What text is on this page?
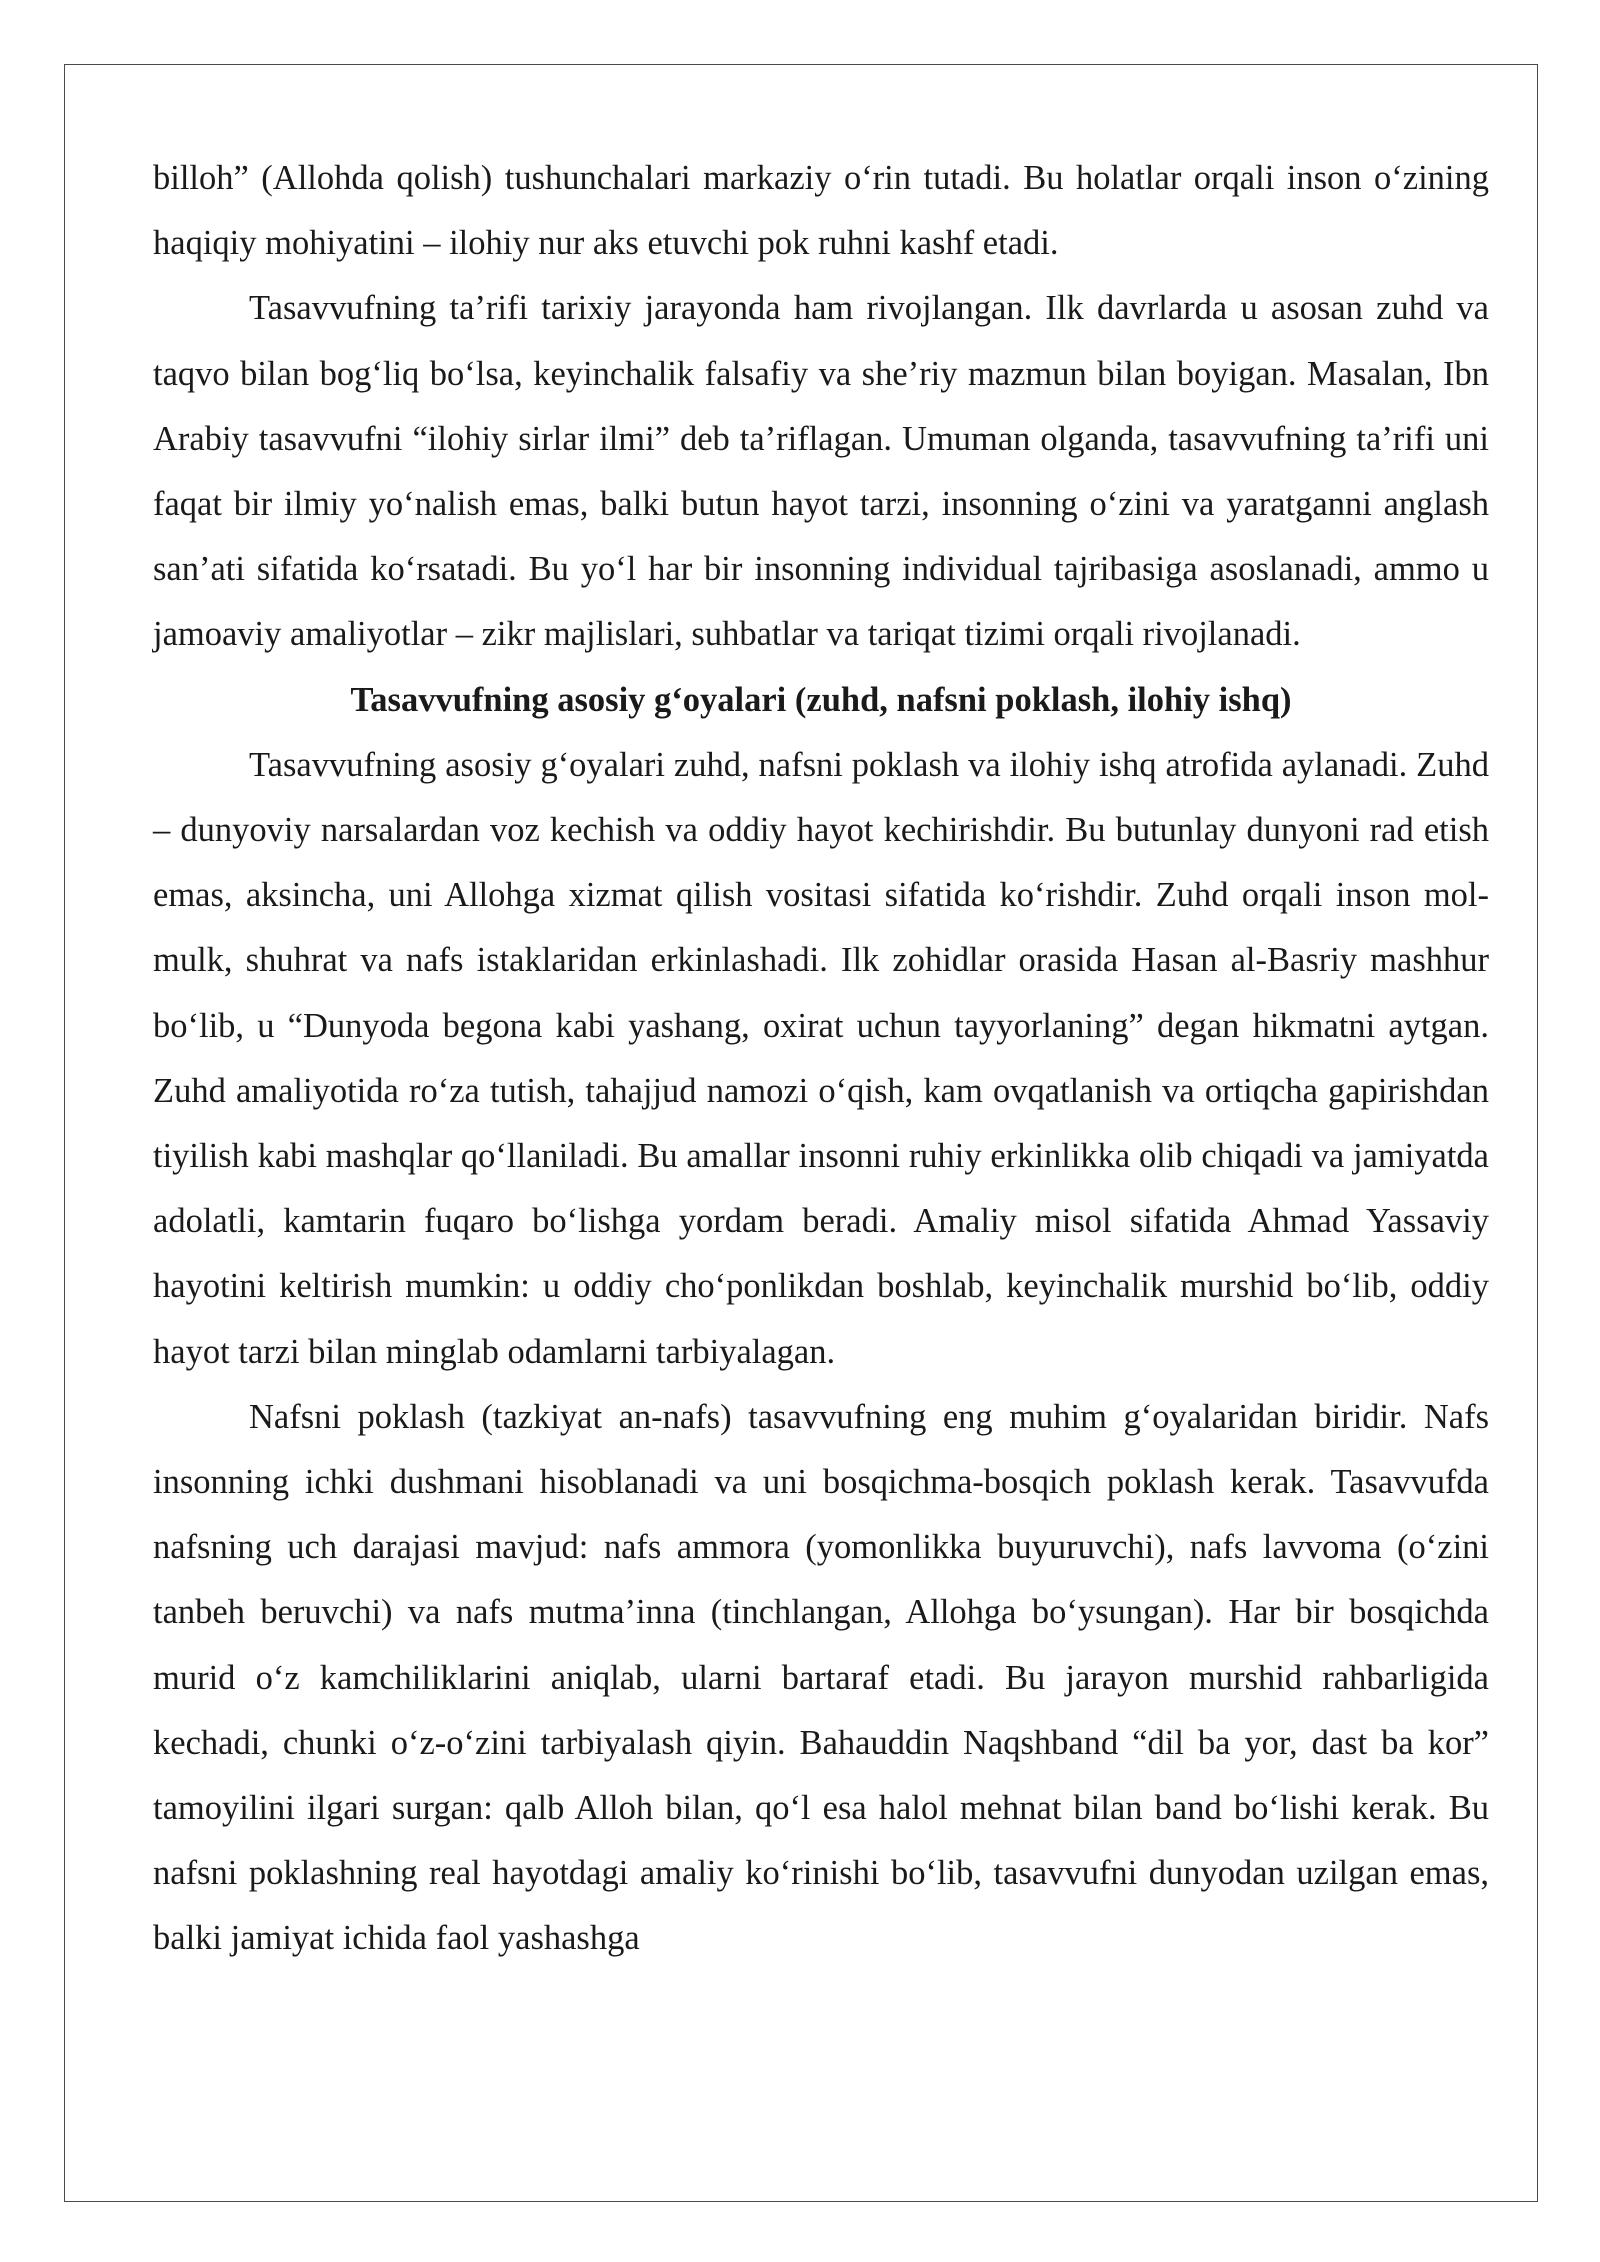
billoh” (Allohda qolish) tushunchalari markaziy o‘rin tutadi. Bu holatlar orqali inson o‘zining haqiqiy mohiyatini – ilohiy nur aks etuvchi pok ruhni kashf etadi.

Tasavvufning ta’rifi tarixiy jarayonda ham rivojlangan. Ilk davrlarda u asosan zuhd va taqvo bilan bog‘liq bo‘lsa, keyinchalik falsafiy va she’riy mazmun bilan boyigan. Masalan, Ibn Arabiy tasavvufni “ilohiy sirlar ilmi” deb ta’riflagan. Umuman olganda, tasavvufning ta’rifi uni faqat bir ilmiy yo‘nalish emas, balki butun hayot tarzi, insonning o‘zini va yaratganni anglash san’ati sifatida ko‘rsatadi. Bu yo‘l har bir insonning individual tajribasiga asoslanadi, ammo u jamoaviy amaliyotlar – zikr majlislari, suhbatlar va tariqat tizimi orqali rivojlanadi.

Tasavvufning asosiy g‘oyalari (zuhd, nafsni poklash, ilohiy ishq)

Tasavvufning asosiy g‘oyalari zuhd, nafsni poklash va ilohiy ishq atrofida aylanadi. Zuhd – dunyoviy narsalardan voz kechish va oddiy hayot kechirishdir. Bu butunlay dunyoni rad etish emas, aksincha, uni Allohga xizmat qilish vositasi sifatida ko‘rishdir. Zuhd orqali inson mol-mulk, shuhrat va nafs istaklaridan erkinlashadi. Ilk zohidlar orasida Hasan al-Basriy mashhur bo‘lib, u “Dunyoda begona kabi yashang, oxirat uchun tayyorlaning” degan hikmatni aytgan. Zuhd amaliyotida ro‘za tutish, tahajjud namozi o‘qish, kam ovqatlanish va ortiqcha gapirishdan tiyilish kabi mashqlar qo‘llaniladi. Bu amallar insonni ruhiy erkinlikka olib chiqadi va jamiyatda adolatli, kamtarin fuqaro bo‘lishga yordam beradi. Amaliy misol sifatida Ahmad Yassaviy hayotini keltirish mumkin: u oddiy cho‘ponlikdan boshlab, keyinchalik murshid bo‘lib, oddiy hayot tarzi bilan minglab odamlarni tarbiyalagan.

Nafsni poklash (tazkiyat an-nafs) tasavvufning eng muhim g‘oyalaridan biridir. Nafs insonning ichki dushmani hisoblanadi va uni bosqichma-bosqich poklash kerak. Tasavvufda nafsning uch darajasi mavjud: nafs ammora (yomonlikka buyuruvchi), nafs lavvoma (o‘zini tanbeh beruvchi) va nafs mutma’inna (tinchlangan, Allohga bo‘ysungan). Har bir bosqichda murid o‘z kamchiliklarini aniqlab, ularni bartaraf etadi. Bu jarayon murshid rahbarligida kechadi, chunki o‘z-o‘zini tarbiyalash qiyin. Bahauddin Naqshband “dil ba yor, dast ba kor” tamoyilini ilgari surgan: qalb Alloh bilan, qo‘l esa halol mehnat bilan band bo‘lishi kerak. Bu nafsni poklashning real hayotdagi amaliy ko‘rinishi bo‘lib, tasavvufni dunyodan uzilgan emas, balki jamiyat ichida faol yashashga
